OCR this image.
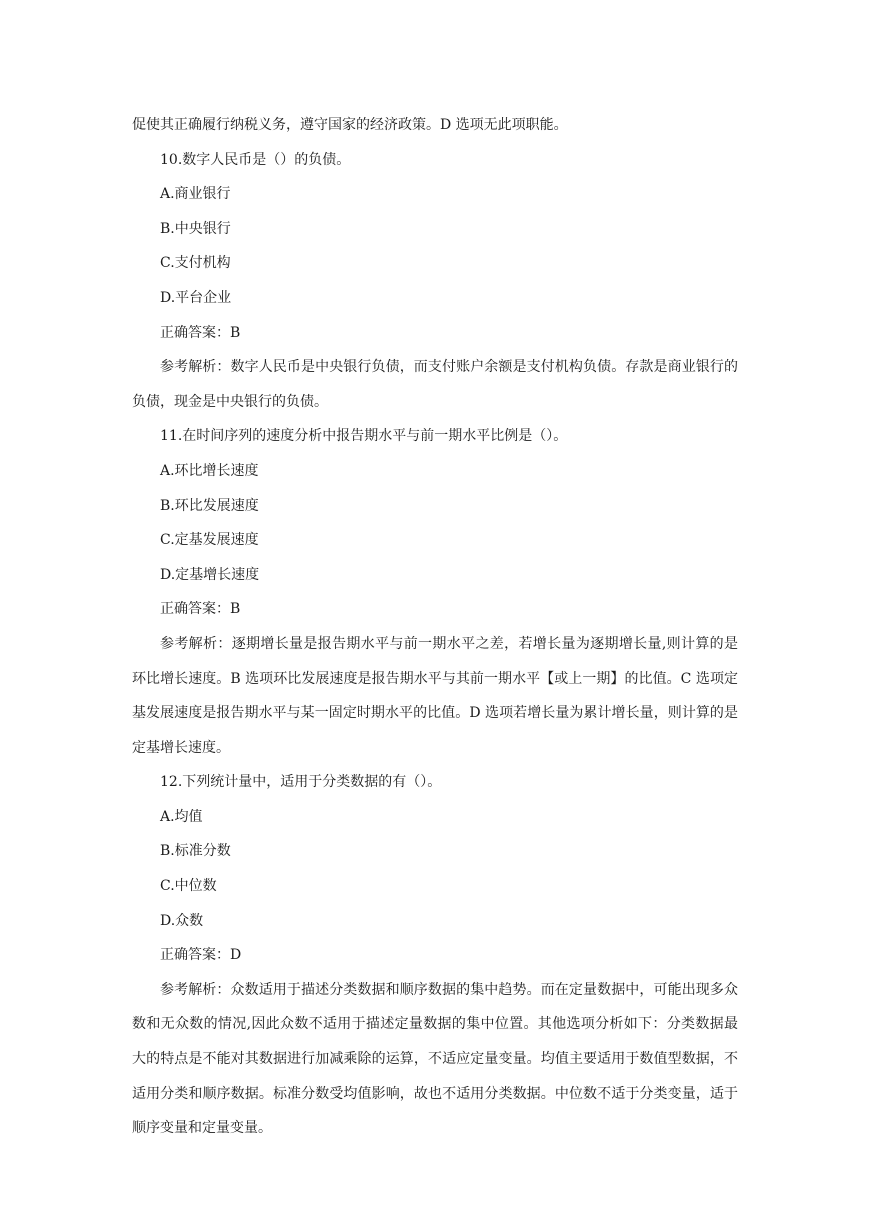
促使其正确履行纳税义务，遵守国家的经济政策。D 选项无此项职能。

10.数字人民币是（）的负债。

A.商业银行

B.中央银行

C.支付机构

D.平台企业

正确答案：B

参考解析：数字人民币是中央银行负债，而支付账户余额是支付机构负债。存款是商业银行的负债，现金是中央银行的负债。

11.在时间序列的速度分析中报告期水平与前一期水平比例是（）。

A.环比增长速度

B.环比发展速度

C.定基发展速度

D.定基增长速度

正确答案：B

参考解析：逐期增长量是报告期水平与前一期水平之差，若增长量为逐期增长量,则计算的是环比增长速度。B 选项环比发展速度是报告期水平与其前一期水平【或上一期】的比值。C 选项定基发展速度是报告期水平与某一固定时期水平的比值。D 选项若增长量为累计增长量，则计算的是定基增长速度。

12.下列统计量中，适用于分类数据的有（）。

A.均值

B.标准分数

C.中位数

D.众数

正确答案：D

参考解析：众数适用于描述分类数据和顺序数据的集中趋势。而在定量数据中，可能出现多众数和无众数的情况,因此众数不适用于描述定量数据的集中位置。其他选项分析如下：分类数据最大的特点是不能对其数据进行加减乘除的运算，不适应定量变量。均值主要适用于数值型数据，不适用分类和顺序数据。标准分数受均值影响，故也不适用分类数据。中位数不适于分类变量，适于顺序变量和定量变量。
